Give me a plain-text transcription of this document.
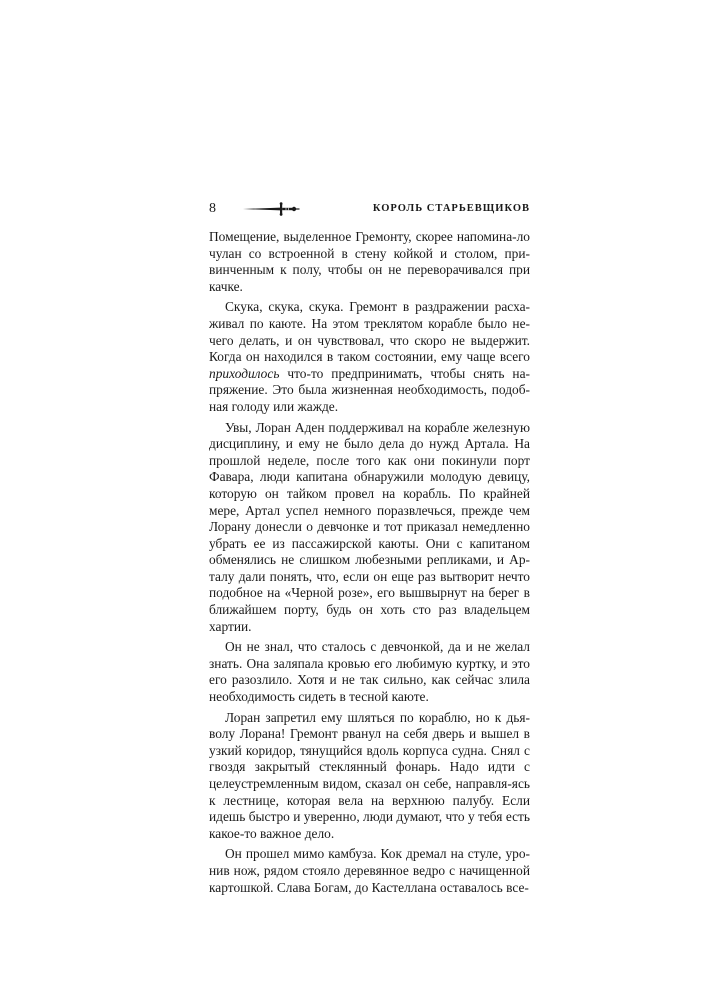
8	КОРОЛЬ СТАРЬЕВЩИКОВ

Помещение, выделенное Гремонту, скорее напомина-ло чулан со встроенной в стену койкой и столом, при-винченным к полу, чтобы он не переворачивался при качке.

Скука, скука, скука. Гремонт в раздражении расха-живал по каюте. На этом треклятом корабле было не-чего делать, и он чувствовал, что скоро не выдержит. Когда он находился в таком состоянии, ему чаще всего приходилось что-то предпринимать, чтобы снять на-пряжение. Это была жизненная необходимость, подоб-ная голоду или жажде.

Увы, Лоран Аден поддерживал на корабле железную дисциплину, и ему не было дела до нужд Артала. На прошлой неделе, после того как они покинули порт Фавара, люди капитана обнаружили молодую девицу, которую он тайком провел на корабль. По крайней мере, Артал успел немного поразвлечься, прежде чем Лорану донесли о девчонке и тот приказал немедленно убрать ее из пассажирской каюты. Они с капитаном обменялись не слишком любезными репликами, и Ар-талу дали понять, что, если он еще раз вытворит нечто подобное на «Черной розе», его вышвырнут на берег в ближайшем порту, будь он хоть сто раз владельцем хартии.

Он не знал, что сталось с девчонкой, да и не желал знать. Она заляпала кровью его любимую куртку, и это его разозлило. Хотя и не так сильно, как сейчас злила необходимость сидеть в тесной каюте.

Лоран запретил ему шляться по кораблю, но к дья-волу Лорана! Гремонт рванул на себя дверь и вышел в узкий коридор, тянущийся вдоль корпуса судна. Снял с гвоздя закрытый стеклянный фонарь. Надо идти с целеустремленным видом, сказал он себе, направля-ясь к лестнице, которая вела на верхнюю палубу. Если идешь быстро и уверенно, люди думают, что у тебя есть какое-то важное дело.

Он прошел мимо камбуза. Кок дремал на стуле, уро-нив нож, рядом стояло деревянное ведро с начищенной картошкой. Слава Богам, до Кастеллана оставалось все-
